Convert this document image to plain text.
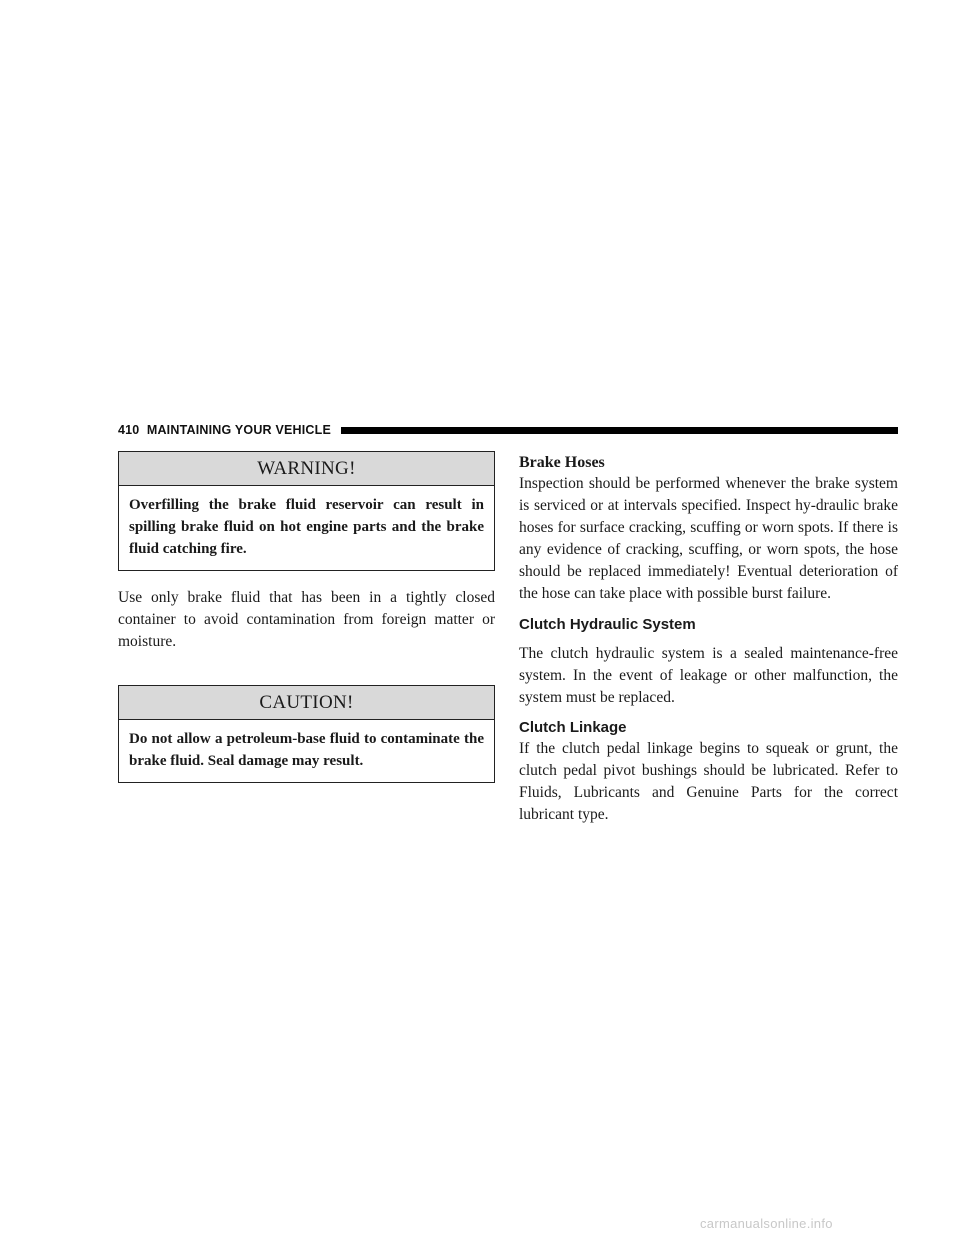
410 MAINTAINING YOUR VEHICLE
WARNING!
Overfilling the brake fluid reservoir can result in spilling brake fluid on hot engine parts and the brake fluid catching fire.

Use only brake fluid that has been in a tightly closed container to avoid contamination from foreign matter or moisture.

CAUTION!
Do not allow a petroleum-base fluid to contaminate the brake fluid. Seal damage may result.
Brake Hoses

Inspection should be performed whenever the brake system is serviced or at intervals specified. Inspect hy-draulic brake hoses for surface cracking, scuffing or worn spots. If there is any evidence of cracking, scuffing, or worn spots, the hose should be replaced immediately! Eventual deterioration of the hose can take place with possible burst failure.

Clutch Hydraulic System

The clutch hydraulic system is a sealed maintenance-free system. In the event of leakage or other malfunction, the system must be replaced.

Clutch Linkage

If the clutch pedal linkage begins to squeak or grunt, the clutch pedal pivot bushings should be lubricated. Refer to Fluids, Lubricants and Genuine Parts for the correct lubricant type.

carmanualsonline.info
